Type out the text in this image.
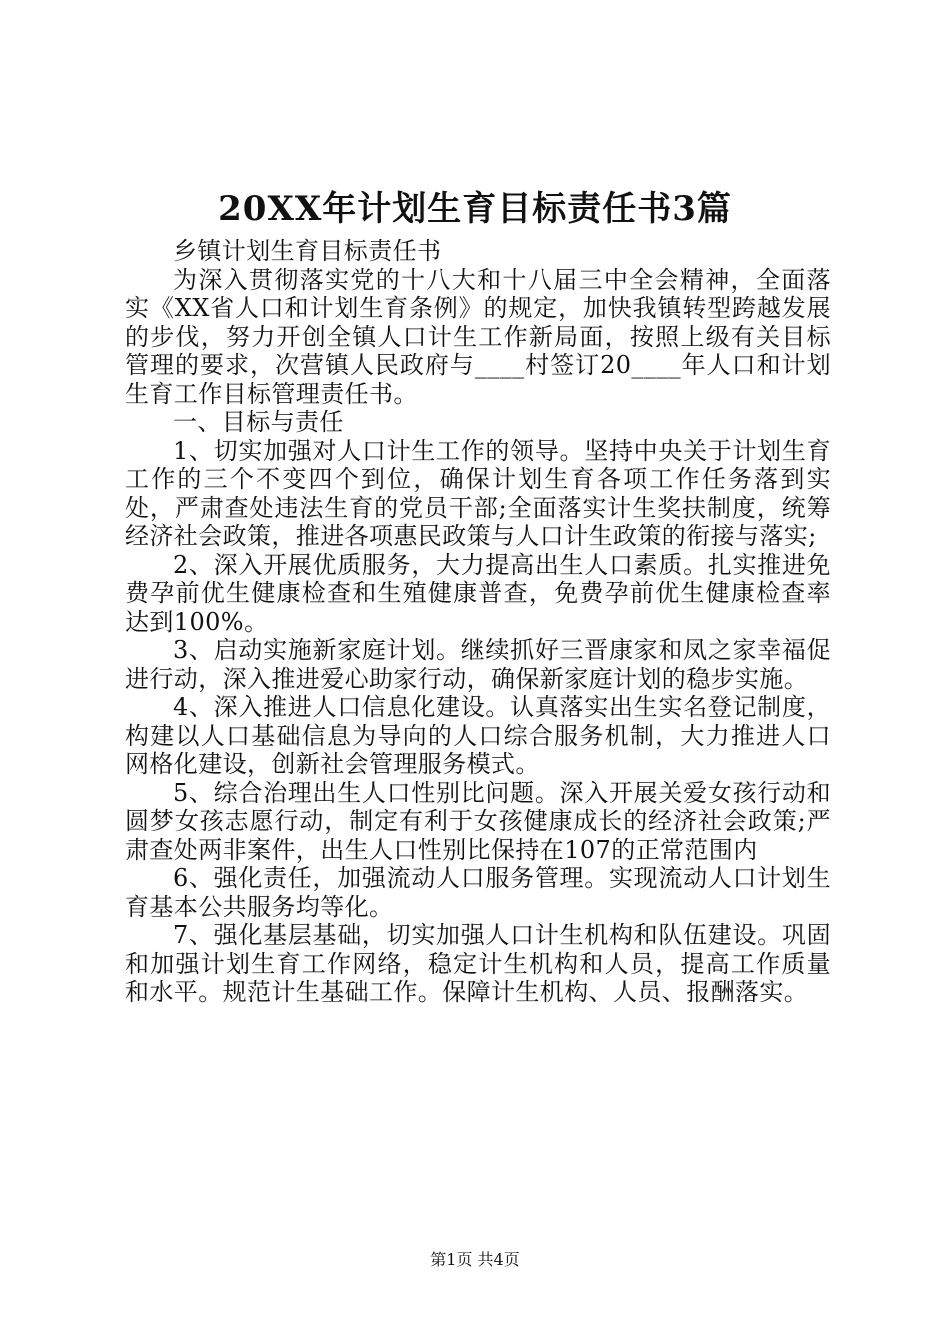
20XX年计划生育目标责任书3篇

乡镇计划生育目标责任书

为深入贯彻落实党的十八大和十八届三中全会精神，全面落实《XX省人口和计划生育条例》的规定，加快我镇转型跨越发展的步伐，努力开创全镇人口计生工作新局面，按照上级有关目标管理的要求，次营镇人民政府与____村签订20____年人口和计划生育工作目标管理责任书。

一、目标与责任

1、切实加强对人口计生工作的领导。坚持中央关于计划生育工作的三个不变四个到位，确保计划生育各项工作任务落到实处，严肃查处违法生育的党员干部;全面落实计生奖扶制度，统筹经济社会政策，推进各项惠民政策与人口计生政策的衔接与落实;

2、深入开展优质服务，大力提高出生人口素质。扎实推进免费孕前优生健康检查和生殖健康普查，免费孕前优生健康检查率达到100%。

3、启动实施新家庭计划。继续抓好三晋康家和凤之家幸福促进行动，深入推进爱心助家行动，确保新家庭计划的稳步实施。

4、深入推进人口信息化建设。认真落实出生实名登记制度，构建以人口基础信息为导向的人口综合服务机制，大力推进人口网格化建设，创新社会管理服务模式。

5、综合治理出生人口性别比问题。深入开展关爱女孩行动和圆梦女孩志愿行动，制定有利于女孩健康成长的经济社会政策;严肃查处两非案件，出生人口性别比保持在107的正常范围内

6、强化责任，加强流动人口服务管理。实现流动人口计划生育基本公共服务均等化。

7、强化基层基础，切实加强人口计生机构和队伍建设。巩固和加强计划生育工作网络，稳定计生机构和人员，提高工作质量和水平。规范计生基础工作。保障计生机构、人员、报酬落实。

第1页 共4页
